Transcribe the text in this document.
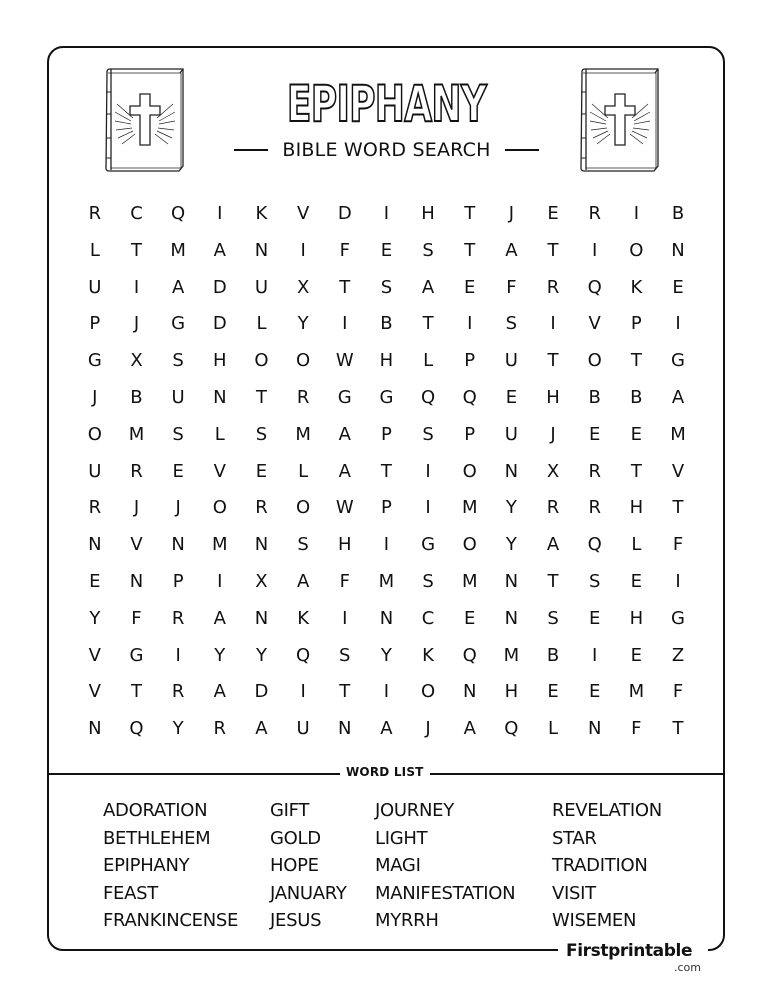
EPIPHANY
BIBLE WORD SEARCH
R	C	Q	I	K	V	D	I	H	T	J	E	R	I	B
L	T	M	A	N	I	F	E	S	T	A	T	I	O	N
U	I	A	D	U	X	T	S	A	E	F	R	Q	K	E
P	J	G	D	L	Y	I	B	T	I	S	I	V	P	I
G	X	S	H	O	O	W	H	L	P	U	T	O	T	G
J	B	U	N	T	R	G	G	Q	Q	E	H	B	B	A
O	M	S	L	S	M	A	P	S	P	U	J	E	E	M
U	R	E	V	E	L	A	T	I	O	N	X	R	T	V
R	J	J	O	R	O	W	P	I	M	Y	R	R	H	T
N	V	N	M	N	S	H	I	G	O	Y	A	Q	L	F
E	N	P	I	X	A	F	M	S	M	N	T	S	E	I
Y	F	R	A	N	K	I	N	C	E	N	S	E	H	G
V	G	I	Y	Y	Q	S	Y	K	Q	M	B	I	E	Z
V	T	R	A	D	I	T	I	O	N	H	E	E	M	F
N	Q	Y	R	A	U	N	A	J	A	Q	L	N	F	T
WORD LIST
ADORATION
BETHLEHEM
EPIPHANY
FEAST
FRANKINCENSE
GIFT
GOLD
HOPE
JANUARY
JESUS
JOURNEY
LIGHT
MAGI
MANIFESTATION
MYRRH
REVELATION
STAR
TRADITION
VISIT
WISEMEN
Firstprintable
.com
